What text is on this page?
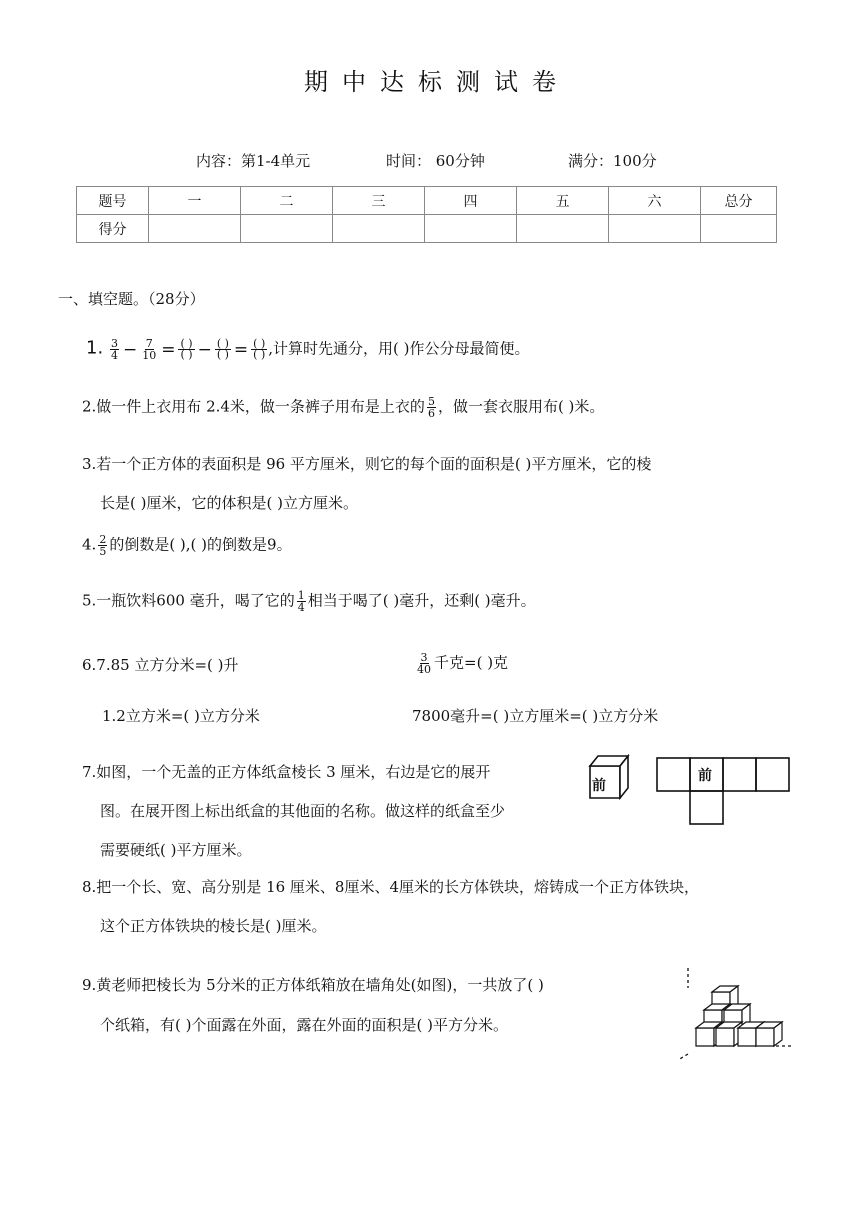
期 中 达 标 测 试 卷
内容：第1-4单元	时间： 60分钟	满分：100分
题号	一	二	三	四	五	六	总分
得分							
一、填空题。（28分）
1. $\frac{3}{4} - \frac{7}{10}$ = ( )
( ) − ( )
( ) = ( )
( ) ,计算时先通分，用( )作公分母最简便。
2.做一件上衣用布 2.4米，做一条裤子用布是上衣的 $\frac{5}{6}$ ，做一套衣服用布( )米。
3.若一个正方体的表面积是 96 平方厘米，则它的每个面的面积是( )平方厘米，它的棱
长是( )厘米，它的体积是( )立方厘米。
4. $\frac{2}{5}$ 的倒数是( ),( )的倒数是9。
5.一瓶饮料600 毫升，喝了它的 $\frac{1}{4}$ 相当于喝了( )毫升，还剩( )毫升。
6.7.85 立方分米=( )升	$\frac{3}{40}$ 千克=( )克
1.2立方米=( )立方分米	7800毫升=( )立方厘米=( )立方分米
7.如图，一个无盖的正方体纸盒棱长 3 厘米，右边是它的展开
图。在展开图上标出纸盒的其他面的名称。做这样的纸盒至少
需要硬纸( )平方厘米。
前
前
8.把一个长、宽、高分别是 16 厘米、8厘米、4厘米的长方体铁块，熔铸成一个正方体铁块，
这个正方体铁块的棱长是( )厘米。
9.黄老师把棱长为 5分米的正方体纸箱放在墙角处(如图)，一共放了( )
个纸箱，有( )个面露在外面，露在外面的面积是( )平方分米。
